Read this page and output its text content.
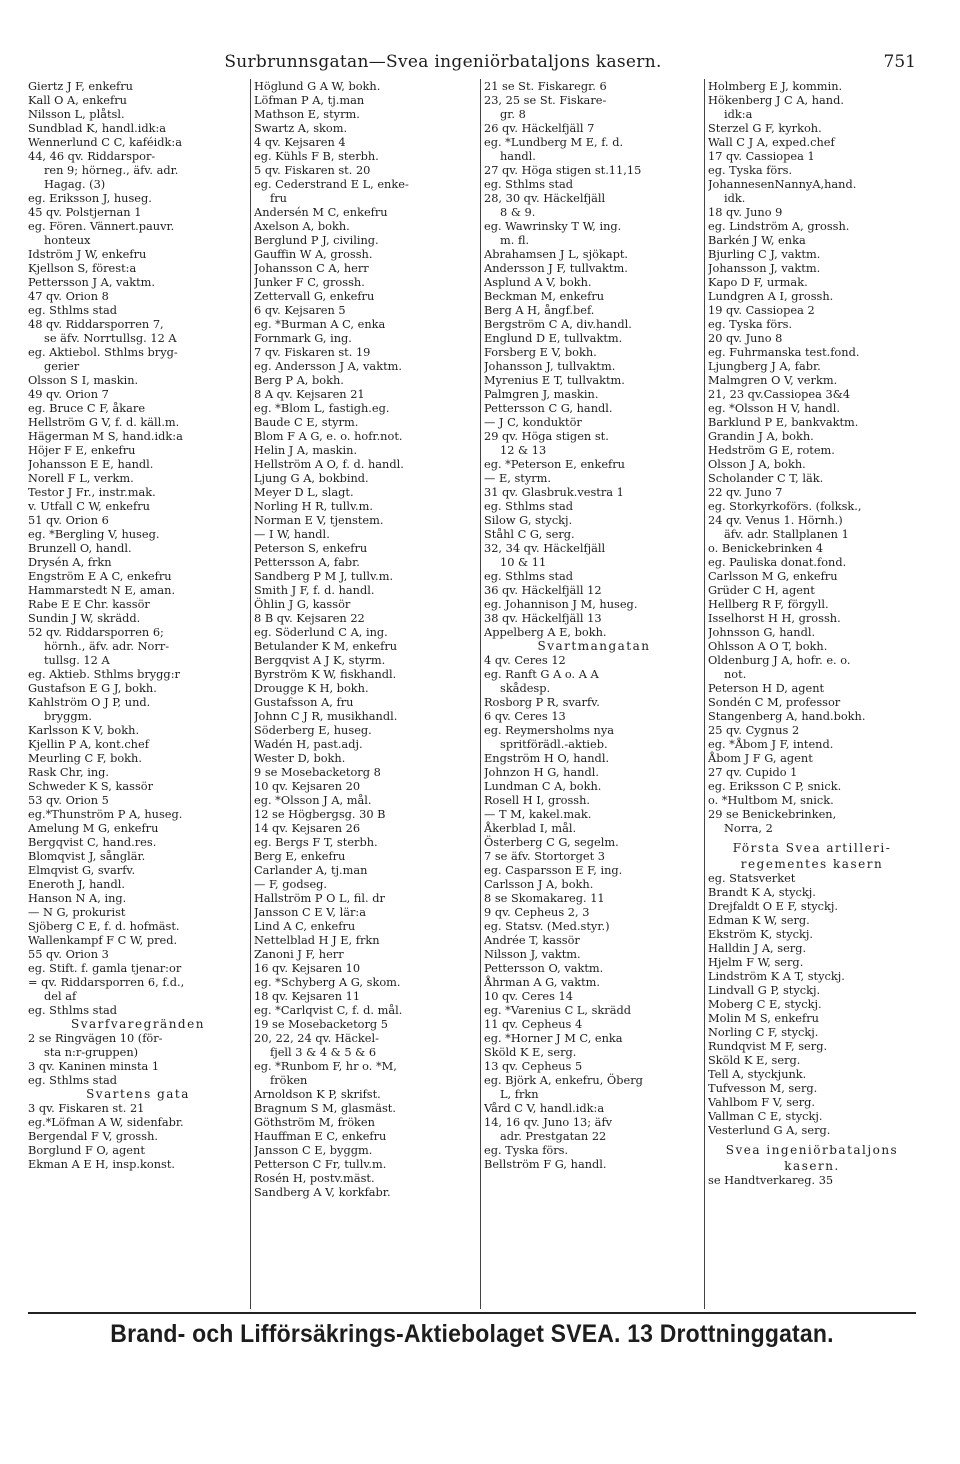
Surbrunnsgatan—Svea ingeniörbataljons kasern.	751
Giertz J F, enkefru
Kall O A, enkefru
Nilsson L, plåtsl.
Sundblad K, handl.idk:a
Wennerlund C C, kaféidk:a
44, 46 qv. Riddarspor-
ren 9; hörneg., äfv. adr.
Hagag. (3)
eg. Eriksson J, huseg.
45 qv. Polstjernan 1
eg. Fören. Vännert.pauvr.
honteux
Idström J W, enkefru
Kjellson S, förest:a
Pettersson J A, vaktm.
47 qv. Orion 8
eg. Sthlms stad
48 qv. Riddarsporren 7,
se äfv. Norrtullsg. 12 A
eg. Aktiebol. Sthlms bryg-
gerier
Olsson S I, maskin.
49 qv. Orion 7
eg. Bruce C F, åkare
Hellström G V, f. d. käll.m.
Hägerman M S, hand.idk:a
Höjer F E, enkefru
Johansson E E, handl.
Norell F L, verkm.
Testor J Fr., instr.mak.
v. Utfall C W, enkefru
51 qv. Orion 6
eg. *Bergling V, huseg.
Brunzell O, handl.
Drysén A, frkn
Engström E A C, enkefru
Hammarstedt N E, aman.
Rabe E E Chr. kassör
Sundin J W, skrädd.
52 qv. Riddarsporren 6;
hörnh., äfv. adr. Norr-
tullsg. 12 A
eg. Aktieb. Sthlms brygg:r
Gustafson E G J, bokh.
Kahlström O J P, und.
bryggm.
Karlsson K V, bokh.
Kjellin P A, kont.chef
Meurling C F, bokh.
Rask Chr, ing.
Schweder K S, kassör
53 qv. Orion 5
eg.*Thunström P A, huseg.
Amelung M G, enkefru
Bergqvist C, hand.res.
Blomqvist J, sånglär.
Elmqvist G, svarfv.
Eneroth J, handl.
Hanson N A, ing.
— N G, prokurist
Sjöberg C E, f. d. hofmäst.
Wallenkampf F C W, pred.
55 qv. Orion 3
eg. Stift. f. gamla tjenar:or
= qv. Riddarsporren 6, f.d.,
del af
eg. Sthlms stad
Svarfvaregränden
2 se Ringvägen 10 (för-
sta n:r-gruppen)
3 qv. Kaninen minsta 1
eg. Sthlms stad
Svartens gata
3 qv. Fiskaren st. 21
eg.*Löfman A W, sidenfabr.
Bergendal F V, grossh.
Borglund F O, agent
Ekman A E H, insp.konst.
Höglund G A W, bokh.
Löfman P A, tj.man
Mathson E, styrm.
Swartz A, skom.
4 qv. Kejsaren 4
eg. Kühls F B, sterbh.
5 qv. Fiskaren st. 20
eg. Cederstrand E L, enke-
fru
Andersén M C, enkefru
Axelson A, bokh.
Berglund P J, civiling.
Gauffin W A, grossh.
Johansson C A, herr
Junker F C, grossh.
Zettervall G, enkefru
6 qv. Kejsaren 5
eg. *Burman A C, enka
Fornmark G, ing.
7 qv. Fiskaren st. 19
eg. Andersson J A, vaktm.
Berg P A, bokh.
8 A qv. Kejsaren 21
eg. *Blom L, fastigh.eg.
Baude C E, styrm.
Blom F A G, e. o. hofr.not.
Helin J A, maskin.
Hellström A O, f. d. handl.
Ljung G A, bokbind.
Meyer D L, slagt.
Norling H R, tullv.m.
Norman E V, tjenstem.
— I W, handl.
Peterson S, enkefru
Pettersson A, fabr.
Sandberg P M J, tullv.m.
Smith J F, f. d. handl.
Öhlin J G, kassör
8 B qv. Kejsaren 22
eg. Söderlund C A, ing.
Betulander K M, enkefru
Bergqvist A J K, styrm.
Byrström K W, fiskhandl.
Drougge K H, bokh.
Gustafsson A, fru
Johnn C J R, musikhandl.
Söderberg E, huseg.
Wadén H, past.adj.
Wester D, bokh.
9 se Mosebacketorg 8
10 qv. Kejsaren 20
eg. *Olsson J A, mål.
12 se Högbergsg. 30 B
14 qv. Kejsaren 26
eg. Bergs F T, sterbh.
Berg E, enkefru
Carlander A, tj.man
— F, godseg.
Hallström P O L, fil. dr
Jansson C E V, lär:a
Lind A C, enkefru
Nettelblad H J E, frkn
Zanoni J F, herr
16 qv. Kejsaren 10
eg. *Schyberg A G, skom.
18 qv. Kejsaren 11
eg. *Carlqvist C, f. d. mål.
19 se Mosebacketorg 5
20, 22, 24 qv. Häckel-
fjell 3 & 4 & 5 & 6
eg. *Runbom F, hr o. *M,
fröken
Arnoldson K P, skrifst.
Bragnum S M, glasmäst.
Göthström M, fröken
Hauffman E C, enkefru
Jansson C E, byggm.
Petterson C Fr, tullv.m.
Rosén H, postv.mäst.
Sandberg A V, korkfabr.
21 se St. Fiskaregr. 6
23, 25 se St. Fiskare-
gr. 8
26 qv. Häckelfjäll 7
eg. *Lundberg M E, f. d.
handl.
27 qv. Höga stigen st.11,15
eg. Sthlms stad
28, 30 qv. Häckelfjäll
8 & 9.
eg. Wawrinsky T W, ing.
m. fl.
Abrahamsen J L, sjökapt.
Andersson J F, tullvaktm.
Asplund A V, bokh.
Beckman M, enkefru
Berg A H, ångf.bef.
Bergström C A, div.handl.
Englund D E, tullvaktm.
Forsberg E V, bokh.
Johansson J, tullvaktm.
Myrenius E T, tullvaktm.
Palmgren J, maskin.
Pettersson C G, handl.
— J C, konduktör
29 qv. Höga stigen st.
12 & 13
eg. *Peterson E, enkefru
— E, styrm.
31 qv. Glasbruk.vestra 1
eg. Sthlms stad
Silow G, styckj.
Ståhl C G, serg.
32, 34 qv. Häckelfjäll
10 & 11
eg. Sthlms stad
36 qv. Häckelfjäll 12
eg. Johannison J M, huseg.
38 qv. Häckelfjäll 13
Appelberg A E, bokh.
Svartmangatan
4 qv. Ceres 12
eg. Ranft G A o. A A
skådesp.
Rosborg P R, svarfv.
6 qv. Ceres 13
eg. Reymersholms nya
spritförädl.-aktieb.
Engström H O, handl.
Johnzon H G, handl.
Lundman C A, bokh.
Rosell H I, grossh.
— T M, kakel.mak.
Åkerblad I, mål.
Österberg C G, segelm.
7 se äfv. Stortorget 3
eg. Casparsson E F, ing.
Carlsson J A, bokh.
8 se Skomakareg. 11
9 qv. Cepheus 2, 3
eg. Statsv. (Med.styr.)
Andrée T, kassör
Nilsson J, vaktm.
Pettersson O, vaktm.
Åhrman A G, vaktm.
10 qv. Ceres 14
eg. *Varenius C L, skrädd
11 qv. Cepheus 4
eg. *Horner J M C, enka
Sköld K E, serg.
13 qv. Cepheus 5
eg. Björk A, enkefru, Öberg
L, frkn
Vård C V, handl.idk:a
14, 16 qv. Juno 13; äfv
adr. Prestgatan 22
eg. Tyska förs.
Bellström F G, handl.
Holmberg E J, kommin.
Hökenberg J C A, hand.
idk:a
Sterzel G F, kyrkoh.
Wall C J A, exped.chef
17 qv. Cassiopea 1
eg. Tyska förs.
JohannesenNannyA,hand.
idk.
18 qv. Juno 9
eg. Lindström A, grossh.
Barkén J W, enka
Bjurling C J, vaktm.
Johansson J, vaktm.
Kapo D F, urmak.
Lundgren A I, grossh.
19 qv. Cassiopea 2
eg. Tyska förs.
20 qv. Juno 8
eg. Fuhrmanska test.fond.
Ljungberg J A, fabr.
Malmgren O V, verkm.
21, 23 qv.Cassiopea 3&4
eg. *Olsson H V, handl.
Barklund P E, bankvaktm.
Grandin J A, bokh.
Hedström G E, rotem.
Olsson J A, bokh.
Scholander C T, läk.
22 qv. Juno 7
eg. Storkyrkoförs. (folksk.,
24 qv. Venus 1. Hörnh.)
äfv. adr. Stallplanen 1
o. Benickebrinken 4
eg. Pauliska donat.fond.
Carlsson M G, enkefru
Grüder C H, agent
Hellberg R F, förgyll.
Isselhorst H H, grossh.
Johnsson G, handl.
Ohlsson A O T, bokh.
Oldenburg J A, hofr. e. o.
not.
Peterson H D, agent
Sondén C M, professor
Stangenberg A, hand.bokh.
25 qv. Cygnus 2
eg. *Åbom J F, intend.
Åbom J F G, agent
27 qv. Cupido 1
eg. Eriksson C P, snick.
o. *Hultbom M, snick.
29 se Benickebrinken,
Norra, 2
Första Svea artilleri-
regementes kasern
eg. Statsverket
Brandt K A, styckj.
Drejfaldt O E F, styckj.
Edman K W, serg.
Ekström K, styckj.
Halldin J A, serg.
Hjelm F W, serg.
Lindström K A T, styckj.
Lindvall G P, styckj.
Moberg C E, styckj.
Molin M S, enkefru
Norling C F, styckj.
Rundqvist M F, serg.
Sköld K E, serg.
Tell A, styckjunk.
Tufvesson M, serg.
Vahlbom F V, serg.
Vallman C E, styckj.
Vesterlund G A, serg.
Svea ingeniörbataljons
kasern.
se Handtverkareg. 35
Brand- och Lifförsäkrings-Aktiebolaget SVEA. 13 Drottninggatan.
